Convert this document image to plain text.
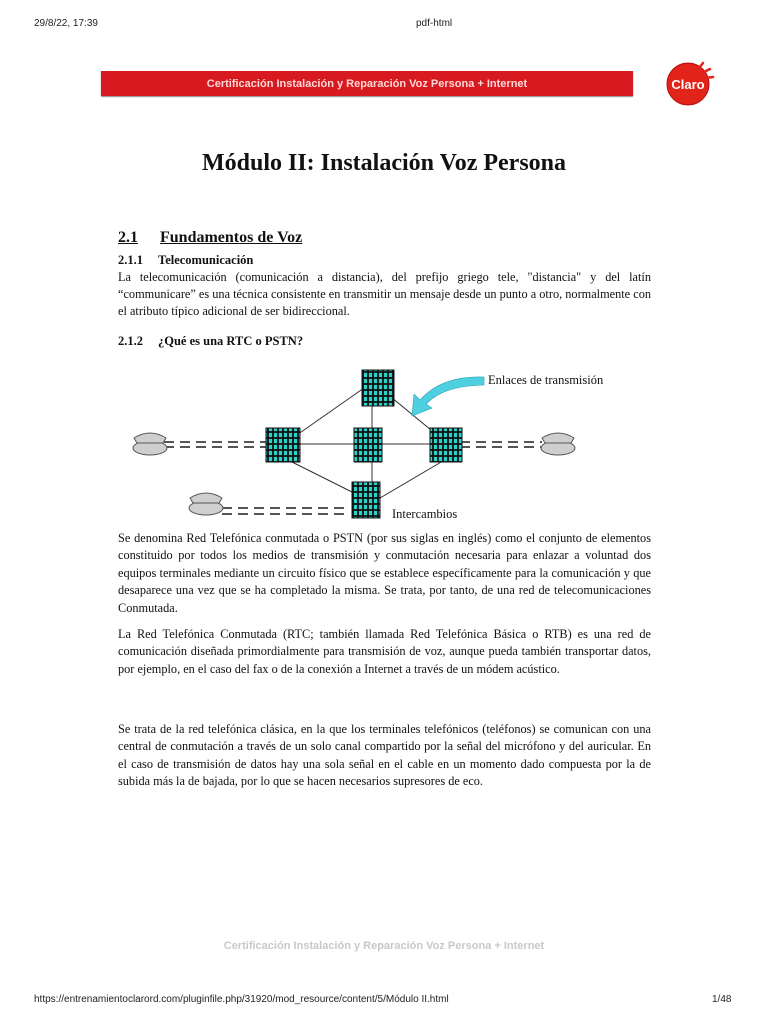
29/8/22, 17:39	pdf-html
Certificación Instalación y Reparación Voz Persona + Internet	Claro
Módulo II: Instalación Voz Persona
2.1 Fundamentos de Voz
2.1.1 Telecomunicación
La telecomunicación (comunicación a distancia), del prefijo griego tele, "distancia" y del latín “communicare” es una técnica consistente en transmitir un mensaje desde un punto a otro, normalmente con el atributo típico adicional de ser bidireccional.
2.1.2 ¿Qué es una RTC o PSTN?
Enlaces de transmisión
Intercambios
Se denomina Red Telefónica conmutada o PSTN (por sus siglas en inglés) como el conjunto de elementos constituido por todos los medios de transmisión y conmutación necesaria para enlazar a voluntad dos equipos terminales mediante un circuito físico que se establece específicamente para la comunicación y que desaparece una vez que se ha completado la misma. Se trata, por tanto, de una red de telecomunicaciones Conmutada.
La Red Telefónica Conmutada (RTC; también llamada Red Telefónica Básica o RTB) es una red de comunicación diseñada primordialmente para transmisión de voz, aunque pueda también transportar datos, por ejemplo, en el caso del fax o de la conexión a Internet a través de un módem acústico.
Se trata de la red telefónica clásica, en la que los terminales telefónicos (teléfonos) se comunican con una central de conmutación a través de un solo canal compartido por la señal del micrófono y del auricular. En el caso de transmisión de datos hay una sola señal en el cable en un momento dado compuesta por la de subida más la de bajada, por lo que se hacen necesarios supresores de eco.
Certificación Instalación y Reparación Voz Persona + Internet
https://entrenamientoclarord.com/pluginfile.php/31920/mod_resource/content/5/Módulo II.html	1/48
